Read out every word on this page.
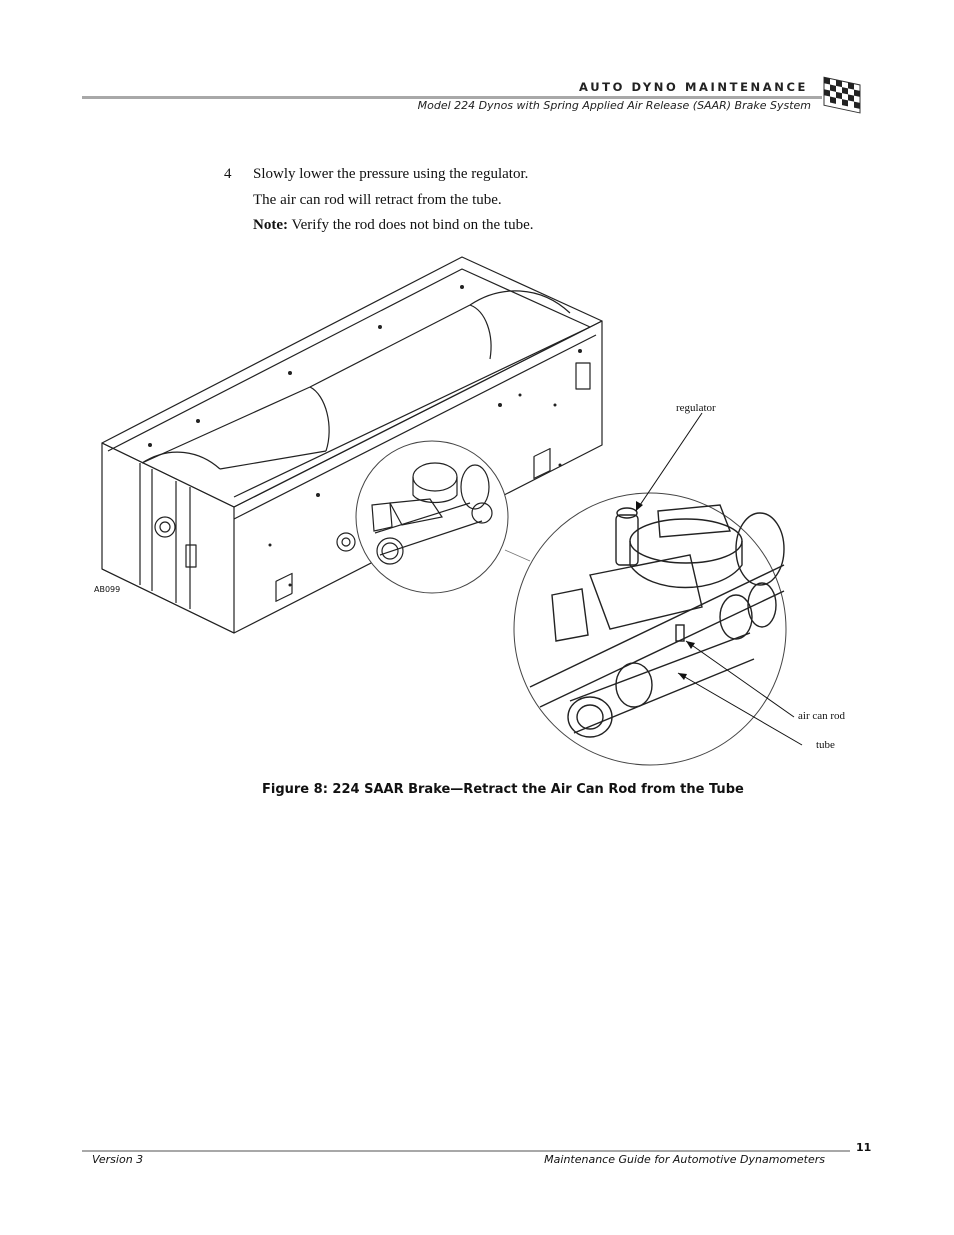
AUTO DYNO MAINTENANCE
Model 224 Dynos with Spring Applied Air Release (SAAR) Brake System
4 Slowly lower the pressure using the regulator.
The air can rod will retract from the tube.
Note: Verify the rod does not bind on the tube.
regulator
air can rod
tube
AB099
Figure 8: 224 SAAR Brake—Retract the Air Can Rod from the Tube
11
Version 3	Maintenance Guide for Automotive Dynamometers
